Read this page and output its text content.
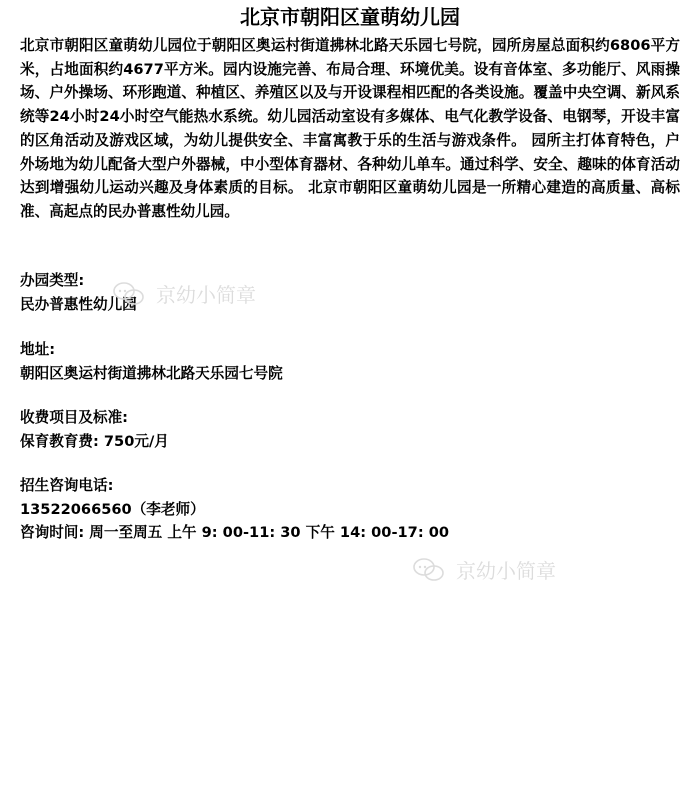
北京市朝阳区童萌幼儿园

北京市朝阳区童萌幼儿园位于朝阳区奥运村街道拂林北路天乐园七号院，园所房屋总面积约6806平方米，占地面积约4677平方米。园内设施完善、布局合理、环境优美。设有音体室、多功能厅、风雨操场、户外操场、环形跑道、种植区、养殖区以及与开设课程相匹配的各类设施。覆盖中央空调、新风系统等24小时24小时空气能热水系统。幼儿园活动室设有多媒体、电气化教学设备、电钢琴，开设丰富的区角活动及游戏区域，为幼儿提供安全、丰富寓教于乐的生活与游戏条件。 园所主打体育特色，户外场地为幼儿配备大型户外器械，中小型体育器材、各种幼儿单车。通过科学、安全、趣味的体育活动达到增强幼儿运动兴趣及身体素质的目标。 北京市朝阳区童萌幼儿园是一所精心建造的高质量、高标准、高起点的民办普惠性幼儿园。

办园类型:
民办普惠性幼儿园 京幼小简章
地址:
朝阳区奥运村街道拂林北路天乐园七号院
收费项目及标准:
保育教育费: 750元/月
招生咨询电话:
13522066560（李老师）
咨询时间: 周一至周五 上午 9: 00-11: 30 下午 14: 00-17: 00
京幼小简章
